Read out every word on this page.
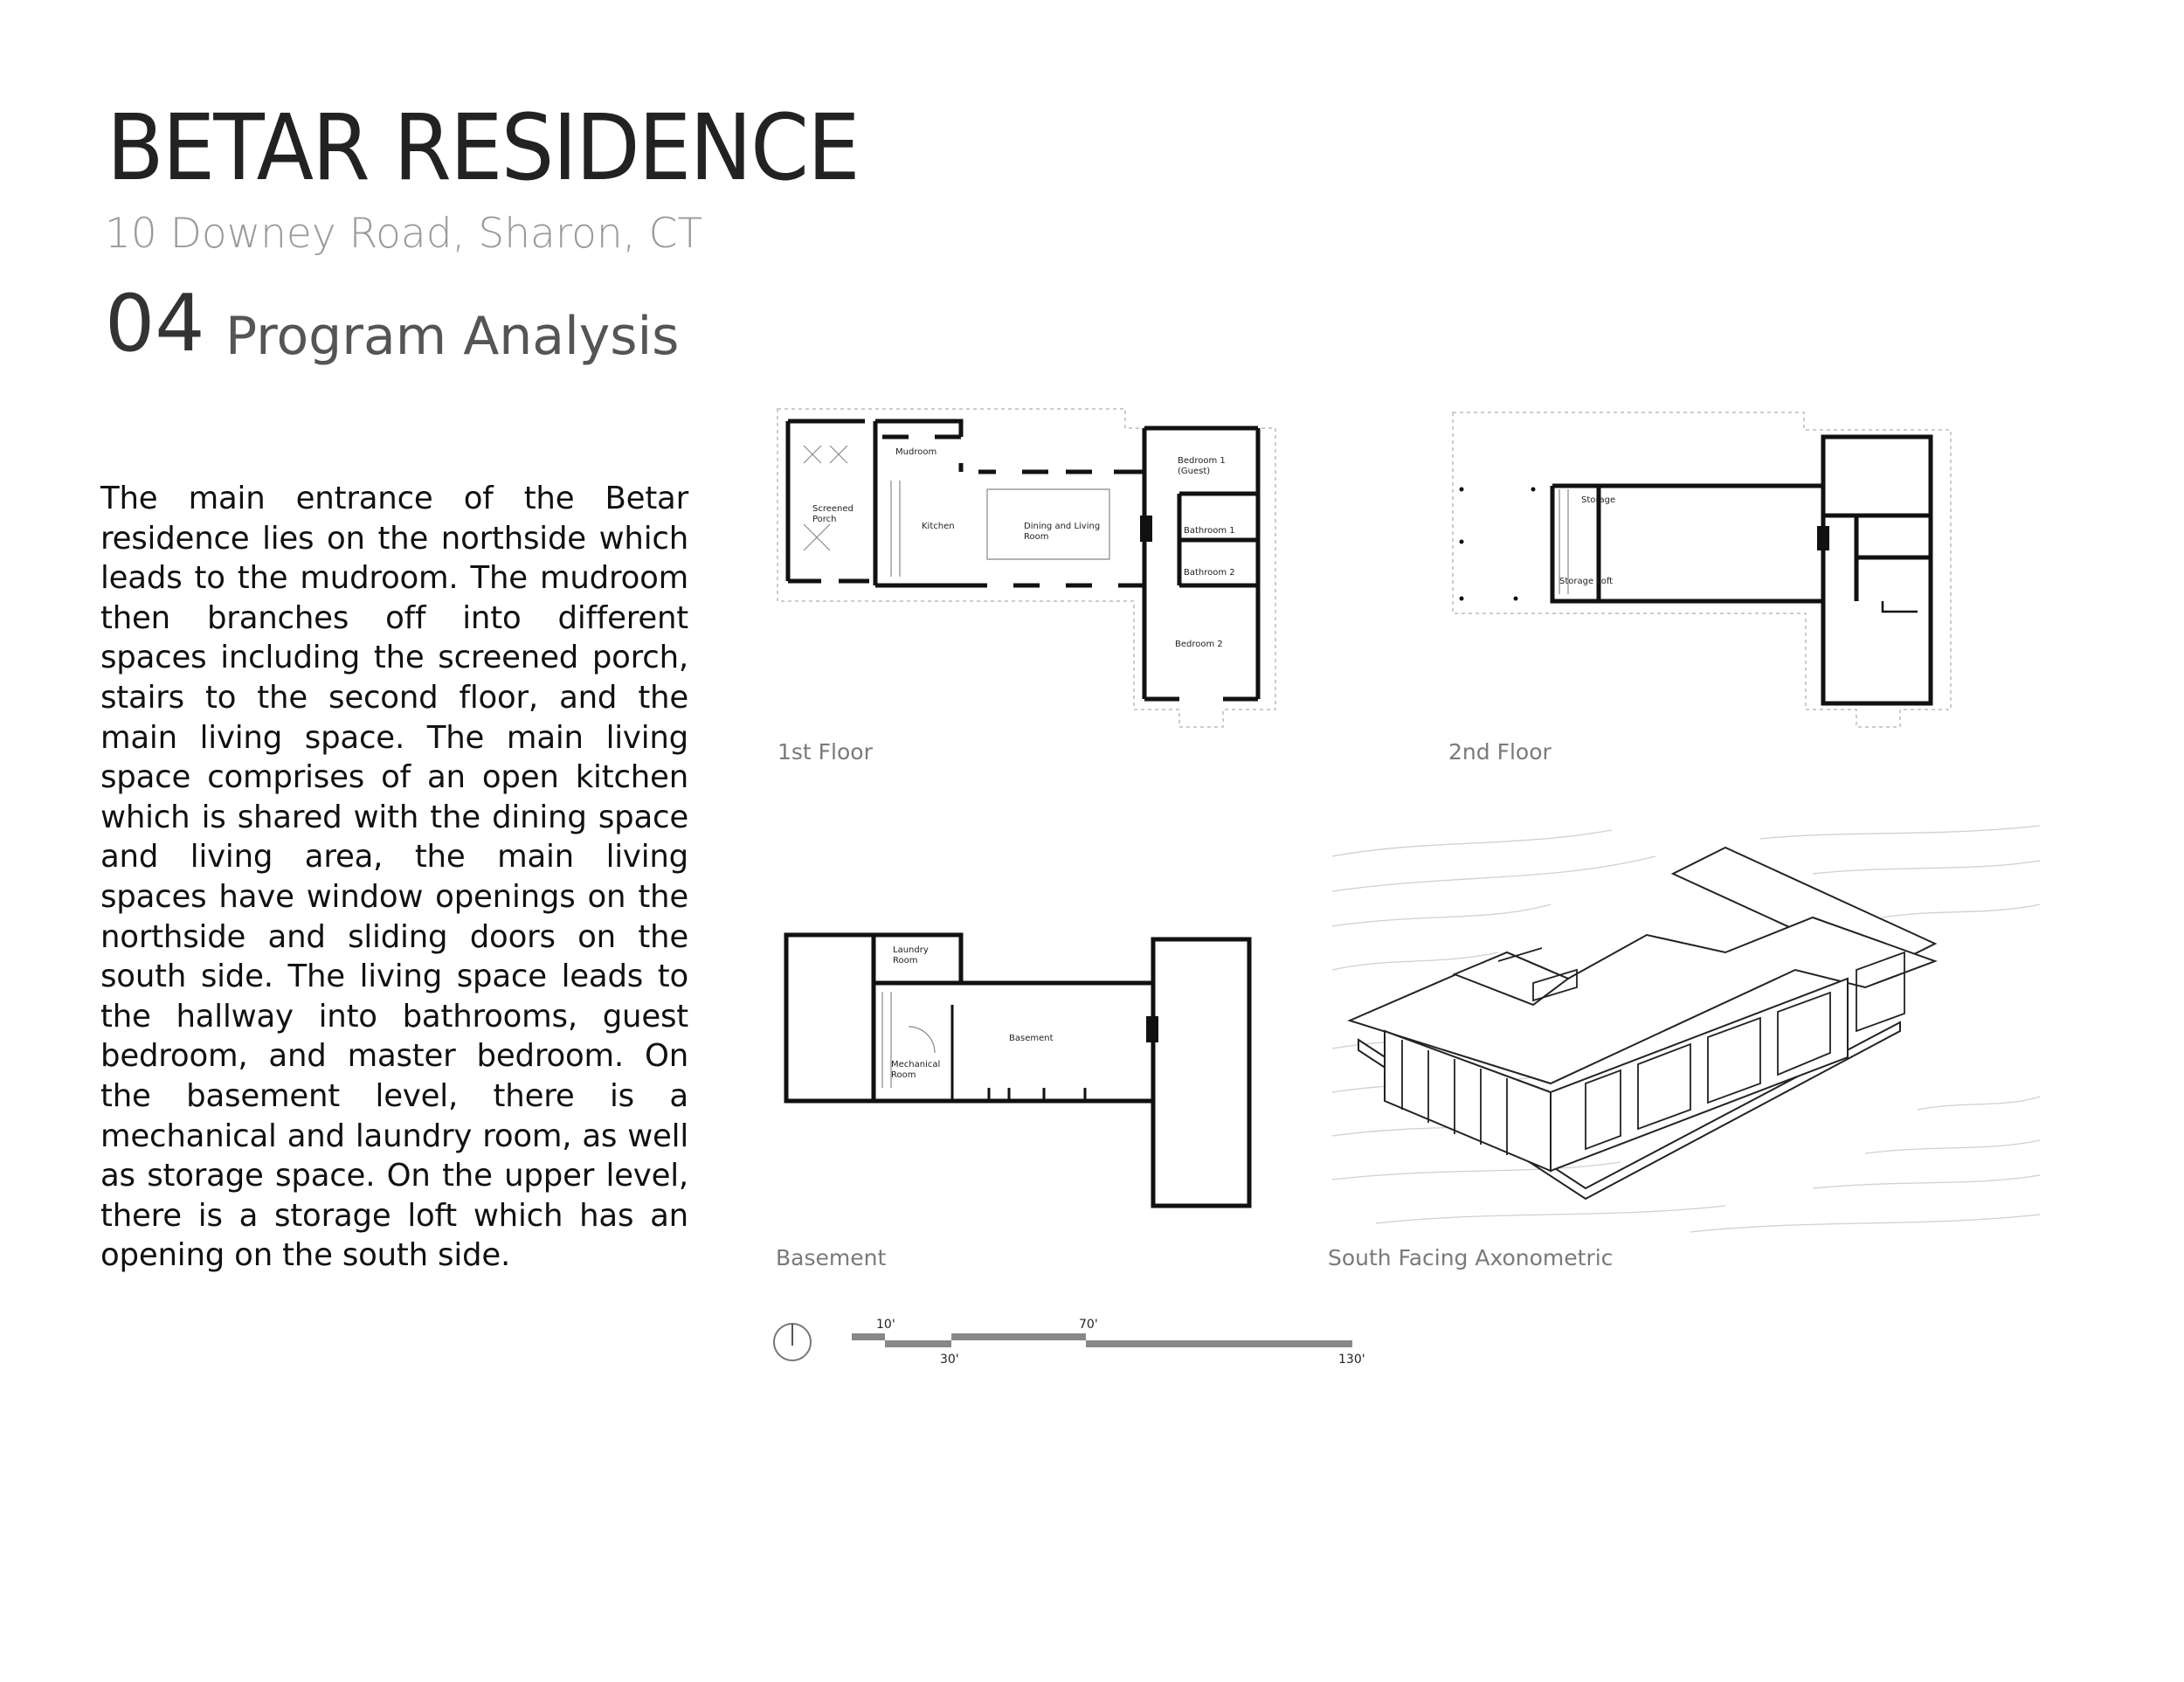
BETAR RESIDENCE
10 Downey Road, Sharon, CT
04 Program Analysis
The main entrance of the Betar residence lies on the northside which leads to the mudroom. The mudroom then branches off into different spaces including the screened porch, stairs to the second floor, and the main living space. The main living space comprises of an open kitchen which is shared with the dining space and living area, the main living spaces have window openings on the northside and sliding doors on the south side. The living space leads to the hallway into bathrooms, guest bedroom, and master bedroom. On the basement level, there is a mechanical and laundry room, as well as storage space. On the upper level, there is a storage loft which has an opening on the south side.
Mudroom
Screened
Porch
Kitchen	Dining and Living
Room
Bedroom 1
(Guest)
Bathroom 1
Bathroom 2
Bedroom 2
1st Floor
Storage
Storage Loft
2nd Floor
Laundry
Room
Basement
Mechanical
Room
Basement	South Facing Axonometric
10'
30'
70'
130'
